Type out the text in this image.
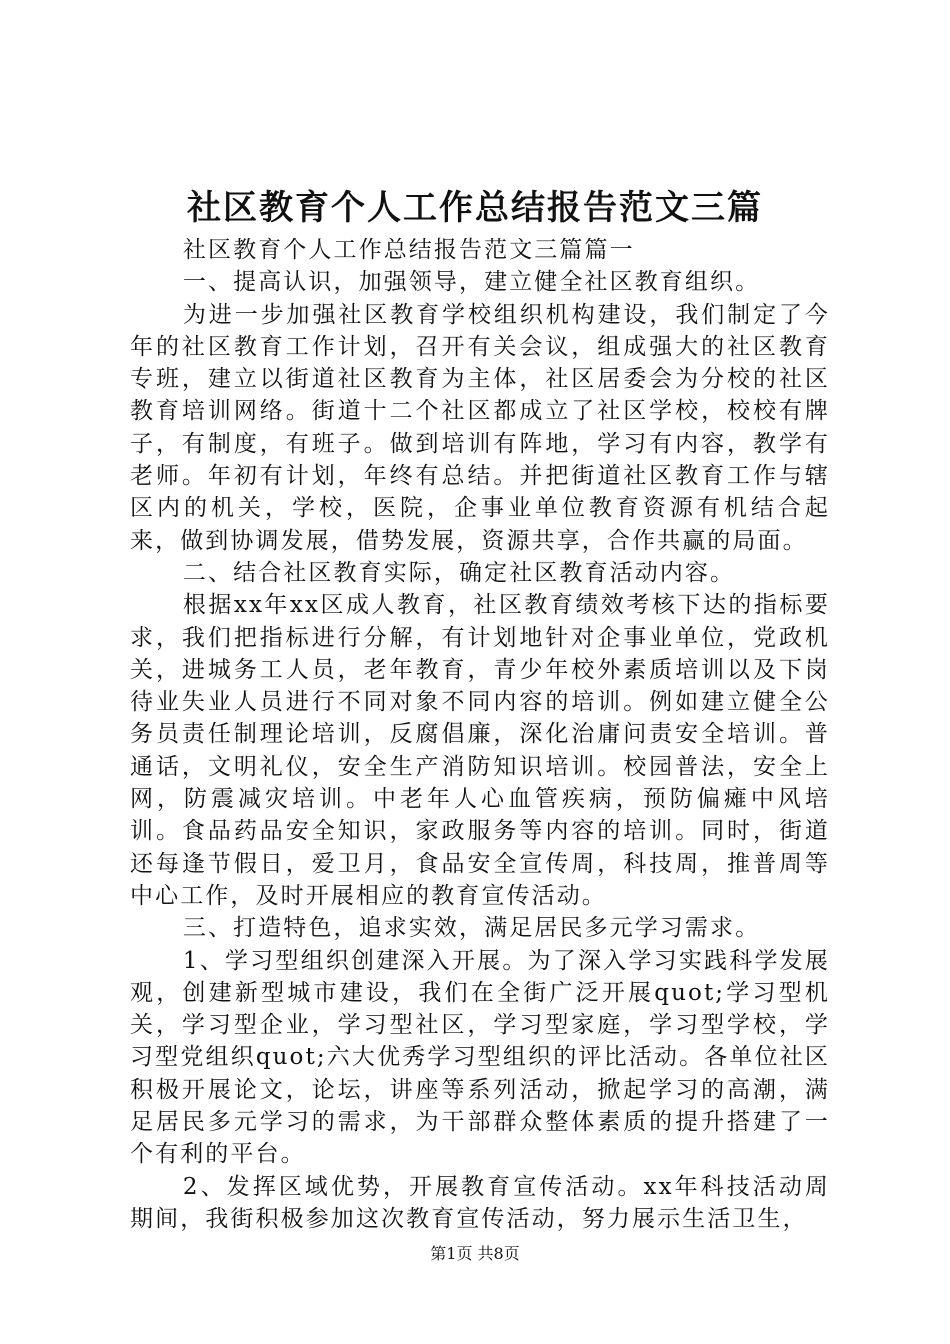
社区教育个人工作总结报告范文三篇

社区教育个人工作总结报告范文三篇篇一

一、提高认识，加强领导，建立健全社区教育组织。

为进一步加强社区教育学校组织机构建设，我们制定了今年的社区教育工作计划，召开有关会议，组成强大的社区教育专班，建立以街道社区教育为主体，社区居委会为分校的社区教育培训网络。街道十二个社区都成立了社区学校，校校有牌子，有制度，有班子。做到培训有阵地，学习有内容，教学有老师。年初有计划，年终有总结。并把街道社区教育工作与辖区内的机关，学校，医院，企事业单位教育资源有机结合起来，做到协调发展，借势发展，资源共享，合作共赢的局面。

二、结合社区教育实际，确定社区教育活动内容。

根据xx年xx区成人教育，社区教育绩效考核下达的指标要求，我们把指标进行分解，有计划地针对企事业单位，党政机关，进城务工人员，老年教育，青少年校外素质培训以及下岗待业失业人员进行不同对象不同内容的培训。例如建立健全公务员责任制理论培训，反腐倡廉，深化治庸问责安全培训。普通话，文明礼仪，安全生产消防知识培训。校园普法，安全上网，防震减灾培训。中老年人心血管疾病，预防偏瘫中风培训。食品药品安全知识，家政服务等内容的培训。同时，街道还每逢节假日，爱卫月，食品安全宣传周，科技周，推普周等中心工作，及时开展相应的教育宣传活动。

三、打造特色，追求实效，满足居民多元学习需求。

1、学习型组织创建深入开展。为了深入学习实践科学发展观，创建新型城市建设，我们在全街广泛开展quot;学习型机关，学习型企业，学习型社区，学习型家庭，学习型学校，学习型党组织quot;六大优秀学习型组织的评比活动。各单位社区积极开展论文，论坛，讲座等系列活动，掀起学习的高潮，满足居民多元学习的需求，为干部群众整体素质的提升搭建了一个有利的平台。

2、发挥区域优势，开展教育宣传活动。xx年科技活动周期间，我街积极参加这次教育宣传活动，努力展示生活卫生，

第1页 共8页
